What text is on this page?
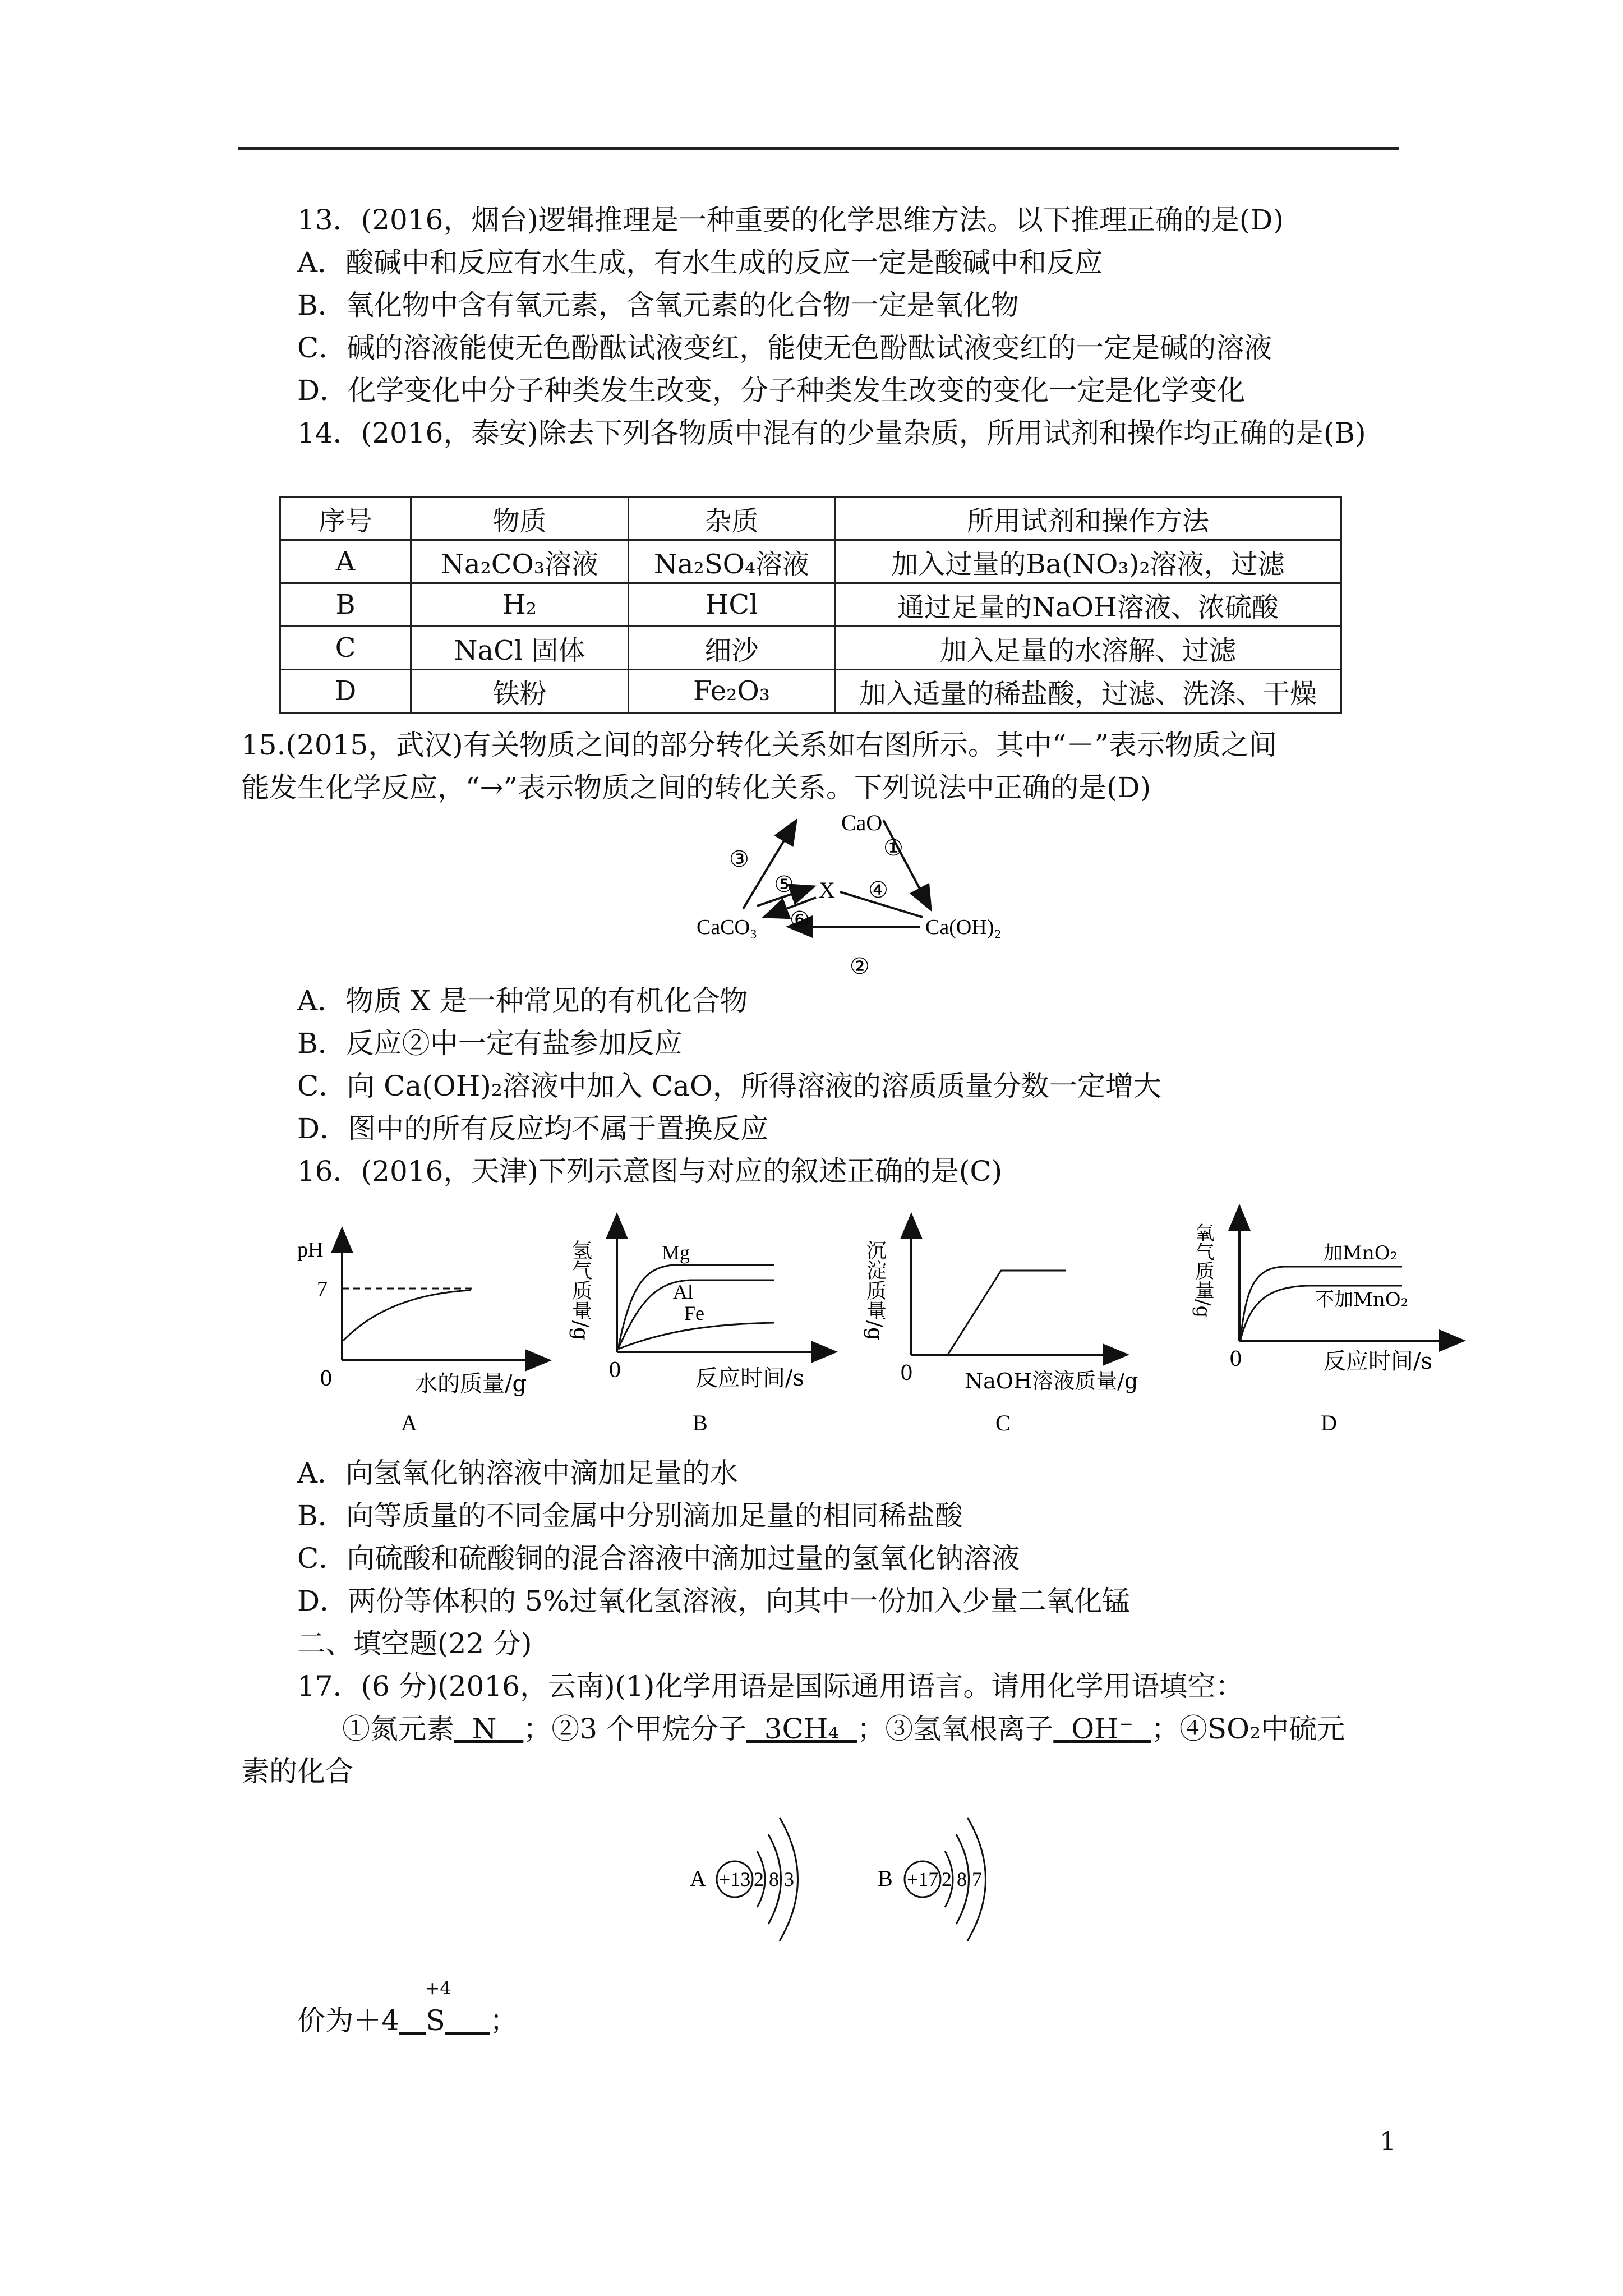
13．(2016，烟台)逻辑推理是一种重要的化学思维方法。以下推理正确的是(D)
A．酸碱中和反应有水生成，有水生成的反应一定是酸碱中和反应
B．氧化物中含有氧元素，含氧元素的化合物一定是氧化物
C．碱的溶液能使无色酚酞试液变红，能使无色酚酞试液变红的一定是碱的溶液
D．化学变化中分子种类发生改变，分子种类发生改变的变化一定是化学变化
14．(2016，泰安)除去下列各物质中混有的少量杂质，所用试剂和操作均正确的是(B)
序号	物质	杂质	所用试剂和操作方法
A	Na₂CO₃溶液	Na₂SO₄溶液	加入过量的Ba(NO₃)₂溶液，过滤
B	H₂	HCl	通过足量的NaOH溶液、浓硫酸
C	NaCl 固体	细沙	加入足量的水溶解、过滤
D	铁粉	Fe₂O₃	加入适量的稀盐酸，过滤、洗涤、干燥
15.(2015，武汉)有关物质之间的部分转化关系如右图所示。其中“－”表示物质之间
能发生化学反应，“→”表示物质之间的转化关系。下列说法中正确的是(D)
CaO
X
CaCO₃	Ca(OH)₂
③	①
②
④
⑤
⑥
A．物质 X 是一种常见的有机化合物
B．反应②中一定有盐参加反应
C．向 Ca(OH)₂溶液中加入 CaO，所得溶液的溶质质量分数一定增大
D．图中的所有反应均不属于置换反应
16．(2016，天津)下列示意图与对应的叙述正确的是(C)
pH
7
0	水的质量/g
A
氢气质量/g	Mg
Al
Fe
0	反应时间/s
B
沉淀质量/g
0 NaOH溶液质量/g
C
氧气质量/g	加MnO₂
不加MnO₂
0	反应时间/s
D
A．向氢氧化钠溶液中滴加足量的水
B．向等质量的不同金属中分别滴加足量的相同稀盐酸
C．向硫酸和硫酸铜的混合溶液中滴加过量的氢氧化钠溶液
D．两份等体积的 5%过氧化氢溶液，向其中一份加入少量二氧化锰
二、填空题(22 分)
17．(6 分)(2016，云南)(1)化学用语是国际通用语言。请用化学用语填空：
①氮元素 N ；②3 个甲烷分子 3CH₄ ；③氢氧根离子 OH⁻ ；④SO₂中硫元
素的化合
A +13 2 8 3	B +17 2 8 7
价为＋4
+4
S ；
1
